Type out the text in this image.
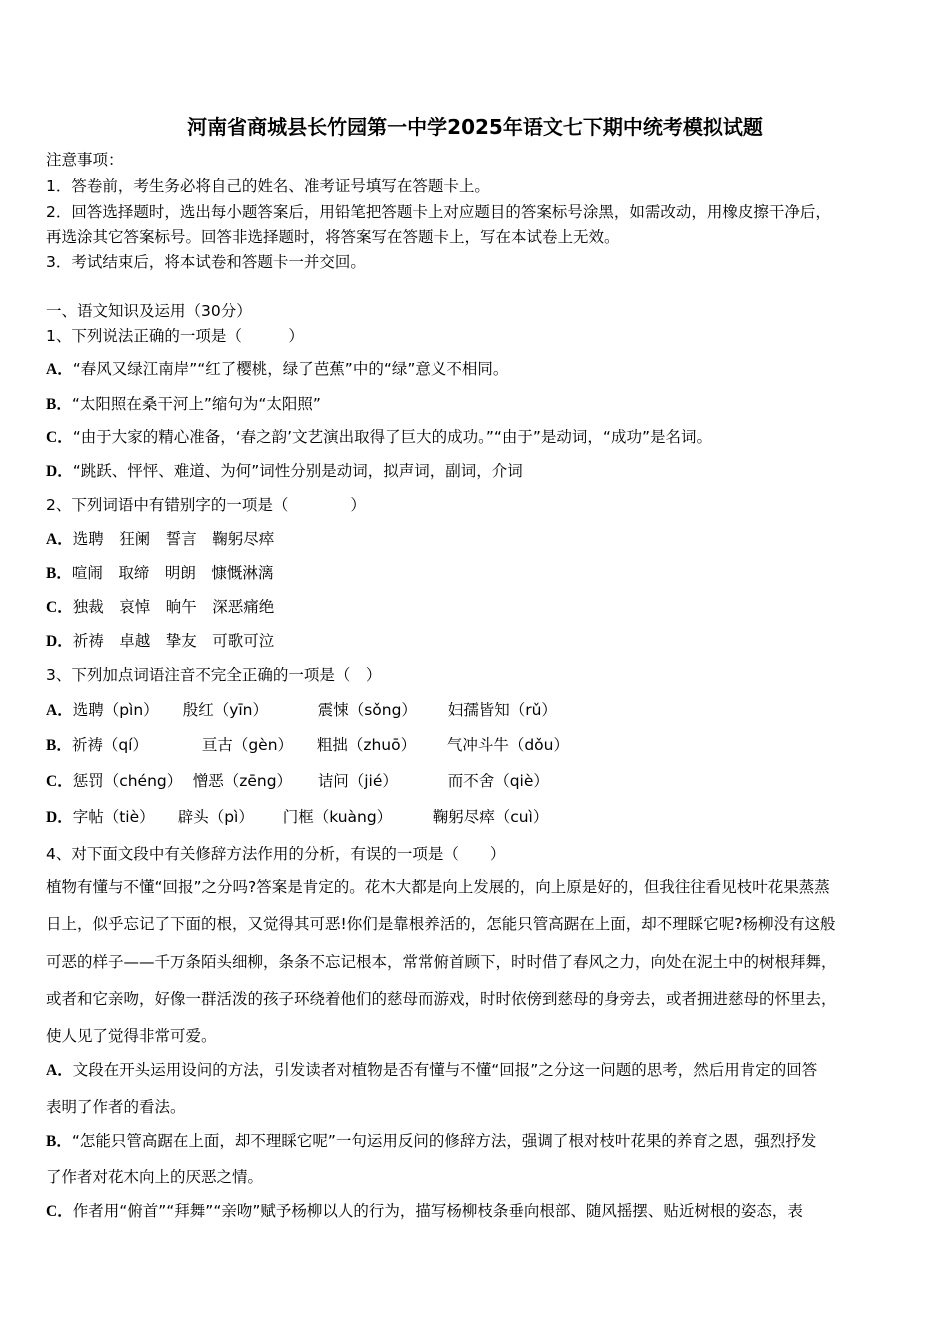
河南省商城县长竹园第一中学2025年语文七下期中统考模拟试题
注意事项：
1．答卷前，考生务必将自己的姓名、准考证号填写在答题卡上。
2．回答选择题时，选出每小题答案后，用铅笔把答题卡上对应题目的答案标号涂黑，如需改动，用橡皮擦干净后，
再选涂其它答案标号。回答非选择题时，将答案写在答题卡上，写在本试卷上无效。
3．考试结束后，将本试卷和答题卡一并交回。
一、语文知识及运用（30分）
1、下列说法正确的一项是（　　　）
A．“春风又绿江南岸”“红了樱桃，绿了芭蕉”中的“绿”意义不相同。
B．“太阳照在桑干河上”缩句为“太阳照”
C．“由于大家的精心准备，‘春之韵’文艺演出取得了巨大的成功。”“由于”是动词，“成功”是名词。
D．“跳跃、怦怦、难道、为何”词性分别是动词，拟声词，副词，介词
2、下列词语中有错别字的一项是（　　　　）
A．选聘　狂阑　誓言　鞠躬尽瘁
B．喧闹　取缔　明朗　慷慨淋漓
C．独裁　哀悼　晌午　深恶痛绝
D．祈祷　卓越　挚友　可歌可泣
3、下列加点词语注音不完全正确的一项是（　）
A．选聘（pìn） 殷红（yīn）	震悚（sǒng） 妇孺皆知（rǔ）
B．祈祷（qí）	亘古（gèn） 粗拙（zhuō） 气冲斗牛（dǒu）
C．惩罚（chéng） 憎恶（zēng） 诘问（jié）	而不舍（qiè）
D．字帖（tiè） 辟头（pì） 门框（kuàng）	鞠躬尽瘁（cuì）
4、对下面文段中有关修辞方法作用的分析，有误的一项是（　　）
植物有懂与不懂“回报”之分吗?答案是肯定的。花木大都是向上发展的，向上原是好的，但我往往看见枝叶花果蒸蒸
日上，似乎忘记了下面的根，又觉得其可恶!你们是靠根养活的，怎能只管高踞在上面，却不理睬它呢?杨柳没有这般
可恶的样子——千万条陌头细柳，条条不忘记根本，常常俯首顾下，时时借了春风之力，向处在泥土中的树根拜舞，
或者和它亲吻，好像一群活泼的孩子环绕着他们的慈母而游戏，时时依傍到慈母的身旁去，或者拥进慈母的怀里去，
使人见了觉得非常可爱。
A．文段在开头运用设问的方法，引发读者对植物是否有懂与不懂“回报”之分这一问题的思考，然后用肯定的回答
表明了作者的看法。
B．“怎能只管高踞在上面，却不理睬它呢”一句运用反问的修辞方法，强调了根对枝叶花果的养育之恩，强烈抒发
了作者对花木向上的厌恶之情。
C．作者用“俯首”“拜舞”“亲吻”赋予杨柳以人的行为，描写杨柳枝条垂向根部、随风摇摆、贴近树根的姿态，表
